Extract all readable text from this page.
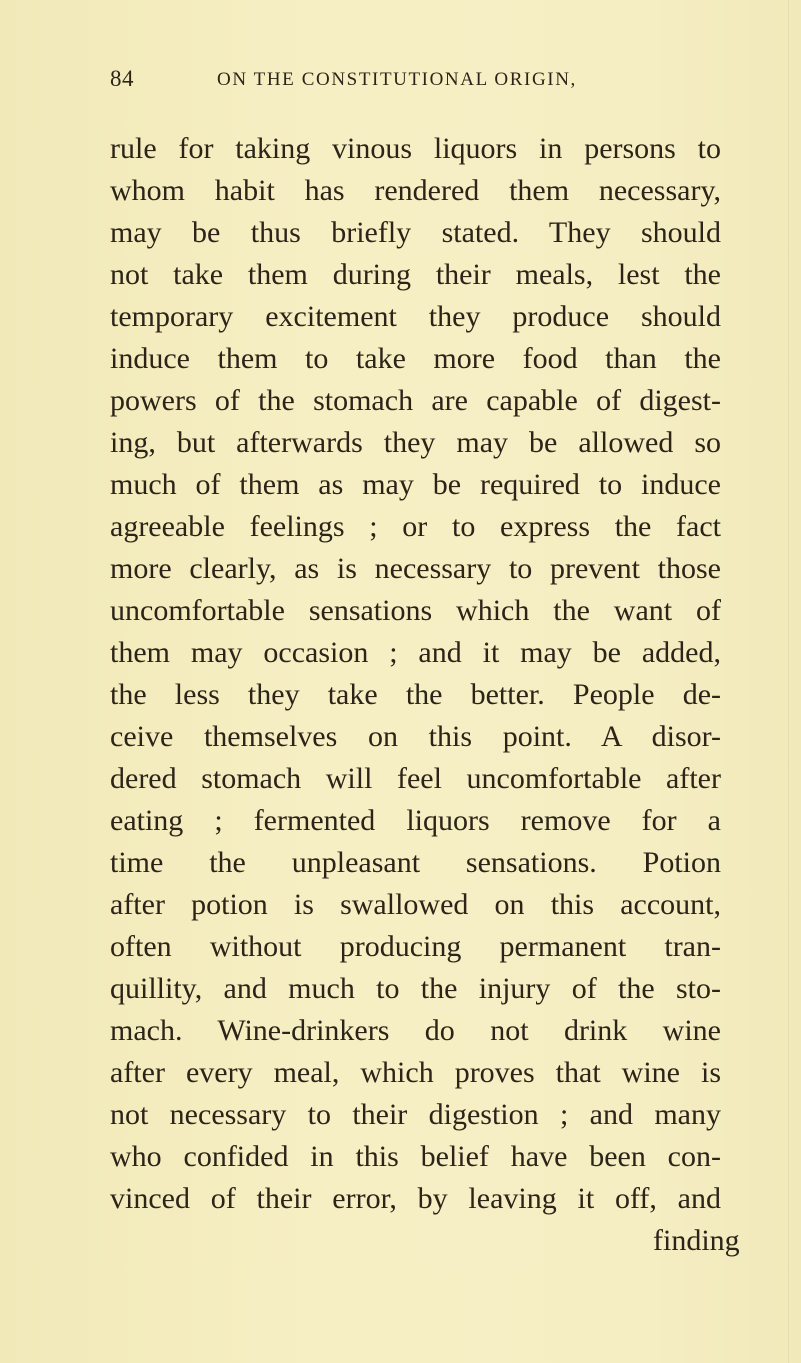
84	ON THE CONSTITUTIONAL ORIGIN,
rule for taking vinous liquors in persons to
whom habit has rendered them necessary,
may be thus briefly stated. They should
not take them during their meals, lest the
temporary excitement they produce should
induce them to take more food than the
powers of the stomach are capable of digest-
ing, but afterwards they may be allowed so
much of them as may be required to induce
agreeable feelings ; or to express the fact
more clearly, as is necessary to prevent those
uncomfortable sensations which the want of
them may occasion ; and it may be added,
the less they take the better. People de-
ceive themselves on this point. A disor-
dered stomach will feel uncomfortable after
eating ; fermented liquors remove for a
time the unpleasant sensations. Potion
after potion is swallowed on this account,
often without producing permanent tran-
quillity, and much to the injury of the sto-
mach. Wine-drinkers do not drink wine
after every meal, which proves that wine is
not necessary to their digestion ; and many
who confided in this belief have been con-
vinced of their error, by leaving it off, and
finding
